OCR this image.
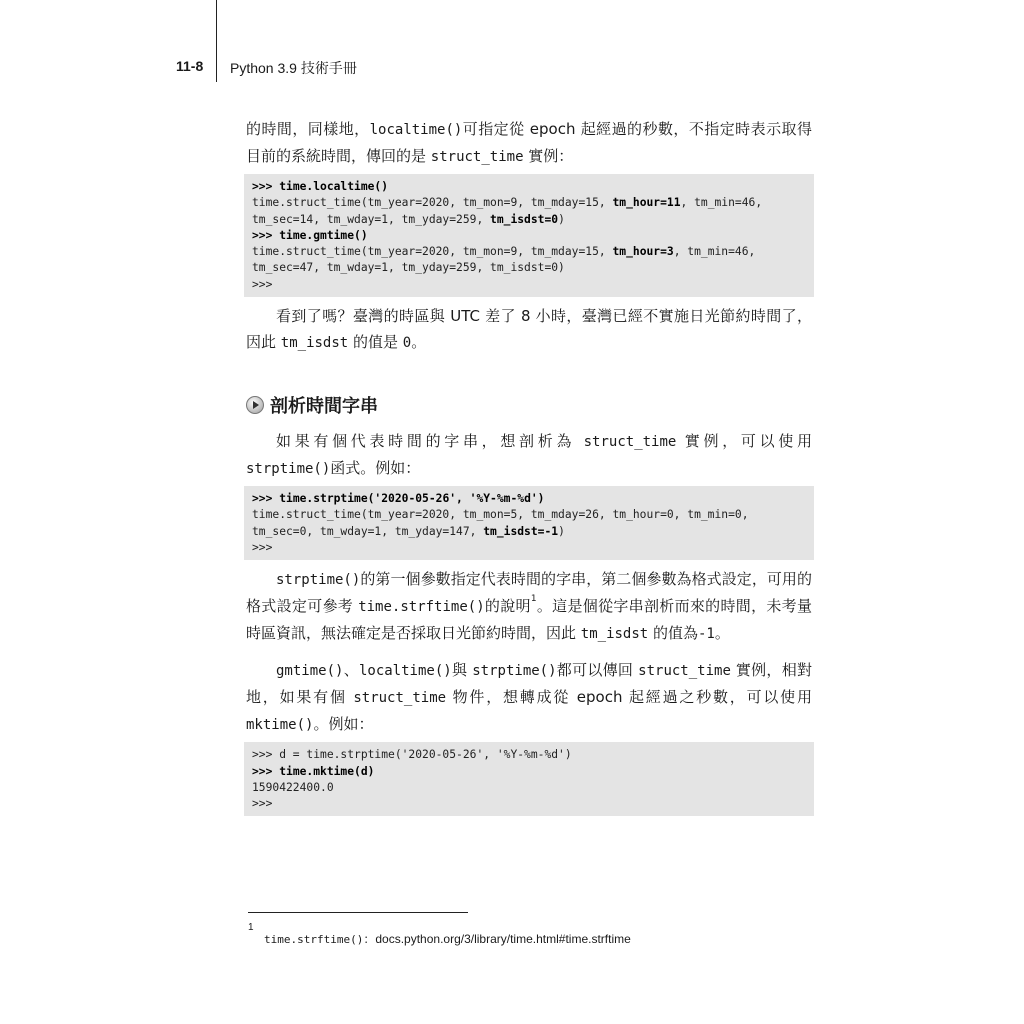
11-8 Python 3.9 技術手冊

的時間，同樣地，localtime()可指定從 epoch 起經過的秒數，不指定時表示取得目前的系統時間，傳回的是 struct_time 實例：

>>> time.localtime()
time.struct_time(tm_year=2020, tm_mon=9, tm_mday=15, tm_hour=11, tm_min=46,
tm_sec=14, tm_wday=1, tm_yday=259, tm_isdst=0)
>>> time.gmtime()
time.struct_time(tm_year=2020, tm_mon=9, tm_mday=15, tm_hour=3, tm_min=46,
tm_sec=47, tm_wday=1, tm_yday=259, tm_isdst=0)
>>>

看到了嗎？臺灣的時區與 UTC 差了 8 小時，臺灣已經不實施日光節約時間了，因此 tm_isdst 的值是 0。

剖析時間字串

如果有個代表時間的字串，想剖析為 struct_time 實例，可以使用 strptime()函式。例如：

>>> time.strptime('2020-05-26', '%Y-%m-%d')
time.struct_time(tm_year=2020, tm_mon=5, tm_mday=26, tm_hour=0, tm_min=0,
tm_sec=0, tm_wday=1, tm_yday=147, tm_isdst=-1)
>>>

strptime()的第一個參數指定代表時間的字串，第二個參數為格式設定，可用的格式設定可參考 time.strftime()的說明$^1$。這是個從字串剖析而來的時間，未考量時區資訊，無法確定是否採取日光節約時間，因此 tm_isdst 的值為-1。

gmtime()、localtime()與 strptime()都可以傳回 struct_time 實例，相對地，如果有個 struct_time 物件，想轉成從 epoch 起經過之秒數，可以使用 mktime()。例如：

>>> d = time.strptime('2020-05-26', '%Y-%m-%d')
>>> time.mktime(d)
1590422400.0
>>>
1
time.strftime()：docs.python.org/3/library/time.html#time.strftime
